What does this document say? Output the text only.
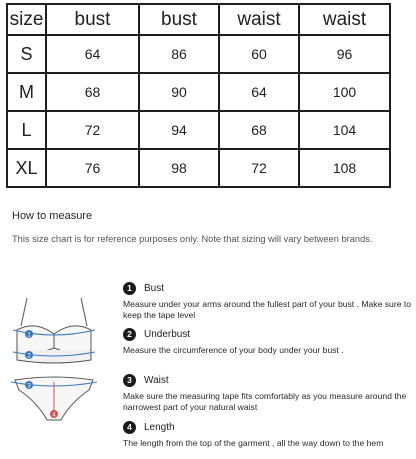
size	bust	bust	waist	waist
S	64	86	60	96
M	68	90	64	100
L	72	94	68	104
XL	76	98	72	108
How to measure
This size chart is for reference purposes only. Note that sizing will vary between brands.
1
2
3
4
1	Bust
Measure under your arms around the fullest part of your bust . Make sure to keep the tape level
2	Underbust
Measure the circumference of your body under your bust .
3	Waist
Make sure the measuring tape fits comfortably as you measure around the narrowest part of your natural waist
4	Length
The length from the top of the garment , all the way down to the hem
